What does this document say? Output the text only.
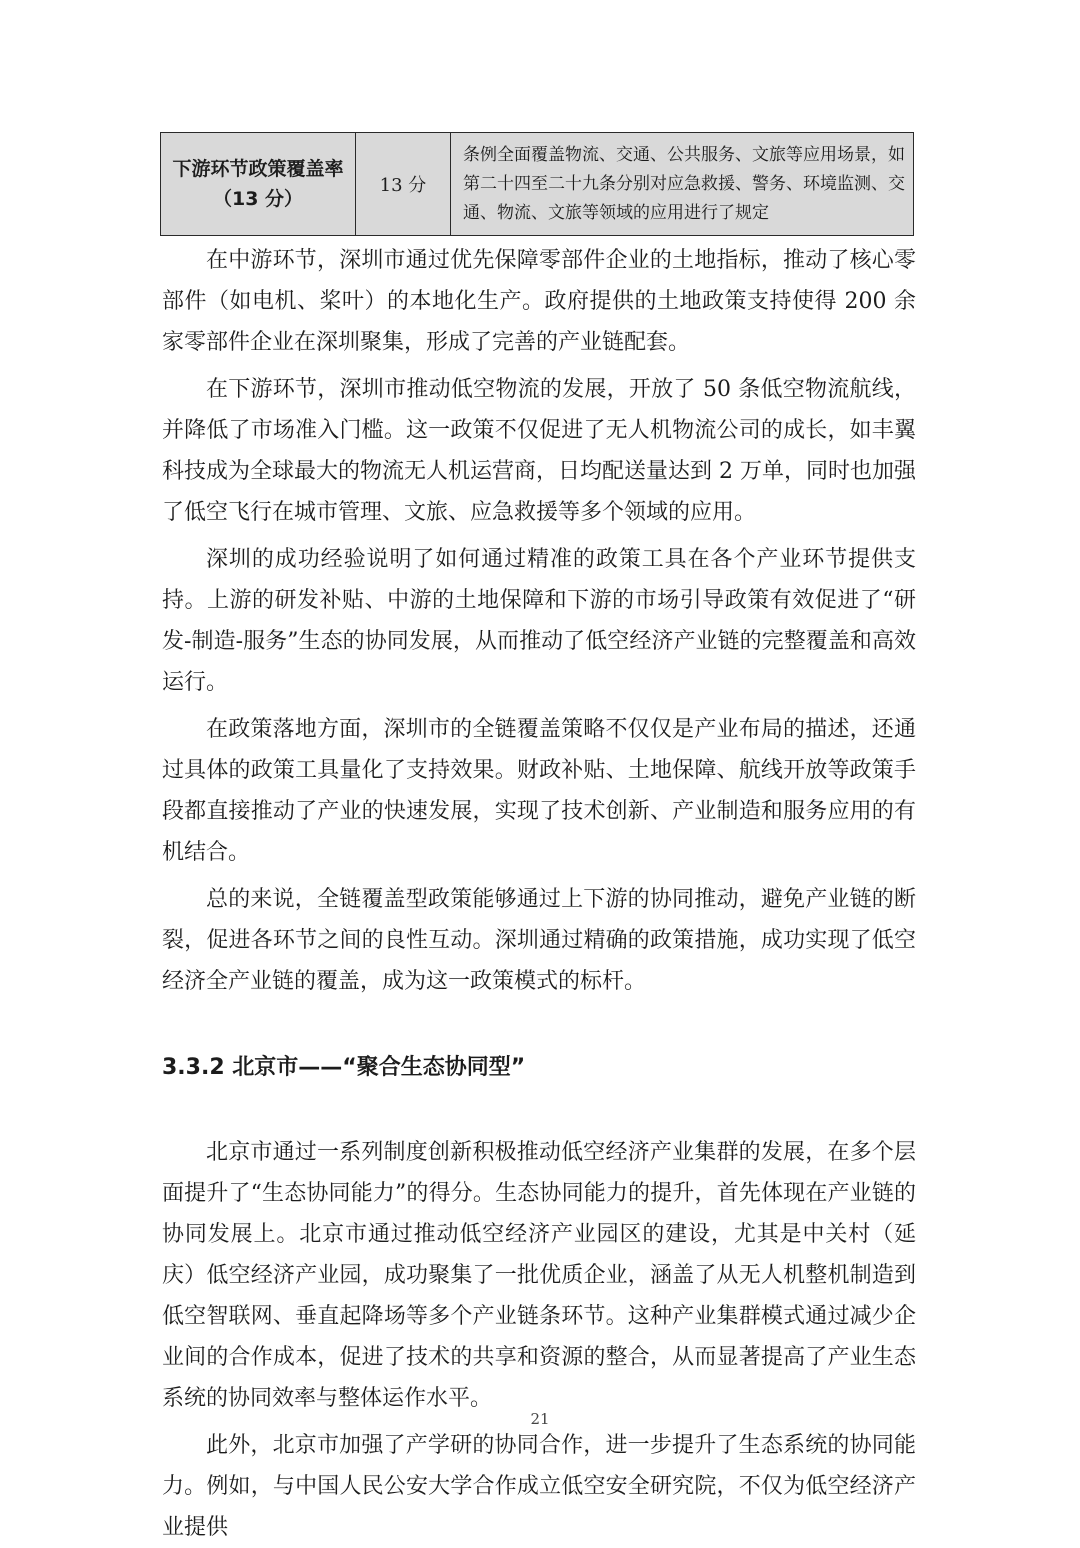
下游环节政策覆盖率
（13 分）
	13 分	条例全面覆盖物流、交通、公共服务、文旅等应用场景，如第二十四至二十九条分别对应急救援、警务、环境监测、交通、物流、文旅等领域的应用进行了规定

在中游环节，深圳市通过优先保障零部件企业的土地指标，推动了核心零部件（如电机、桨叶）的本地化生产。政府提供的土地政策支持使得 200 余家零部件企业在深圳聚集，形成了完善的产业链配套。

在下游环节，深圳市推动低空物流的发展，开放了 50 条低空物流航线，并降低了市场准入门槛。这一政策不仅促进了无人机物流公司的成长，如丰翼科技成为全球最大的物流无人机运营商，日均配送量达到 2 万单，同时也加强了低空飞行在城市管理、文旅、应急救援等多个领域的应用。

深圳的成功经验说明了如何通过精准的政策工具在各个产业环节提供支持。上游的研发补贴、中游的土地保障和下游的市场引导政策有效促进了“研发-制造-服务”生态的协同发展，从而推动了低空经济产业链的完整覆盖和高效运行。

在政策落地方面，深圳市的全链覆盖策略不仅仅是产业布局的描述，还通过具体的政策工具量化了支持效果。财政补贴、土地保障、航线开放等政策手段都直接推动了产业的快速发展，实现了技术创新、产业制造和服务应用的有机结合。

总的来说，全链覆盖型政策能够通过上下游的协同推动，避免产业链的断裂，促进各环节之间的良性互动。深圳通过精确的政策措施，成功实现了低空经济全产业链的覆盖，成为这一政策模式的标杆。

3.3.2 北京市——“聚合生态协同型”

北京市通过一系列制度创新积极推动低空经济产业集群的发展，在多个层面提升了“生态协同能力”的得分。生态协同能力的提升，首先体现在产业链的协同发展上。北京市通过推动低空经济产业园区的建设，尤其是中关村（延庆）低空经济产业园，成功聚集了一批优质企业，涵盖了从无人机整机制造到低空智联网、垂直起降场等多个产业链条环节。这种产业集群模式通过减少企业间的合作成本，促进了技术的共享和资源的整合，从而显著提高了产业生态系统的协同效率与整体运作水平。

此外，北京市加强了产学研的协同合作，进一步提升了生态系统的协同能力。例如，与中国人民公安大学合作成立低空安全研究院，不仅为低空经济产业提供

21
